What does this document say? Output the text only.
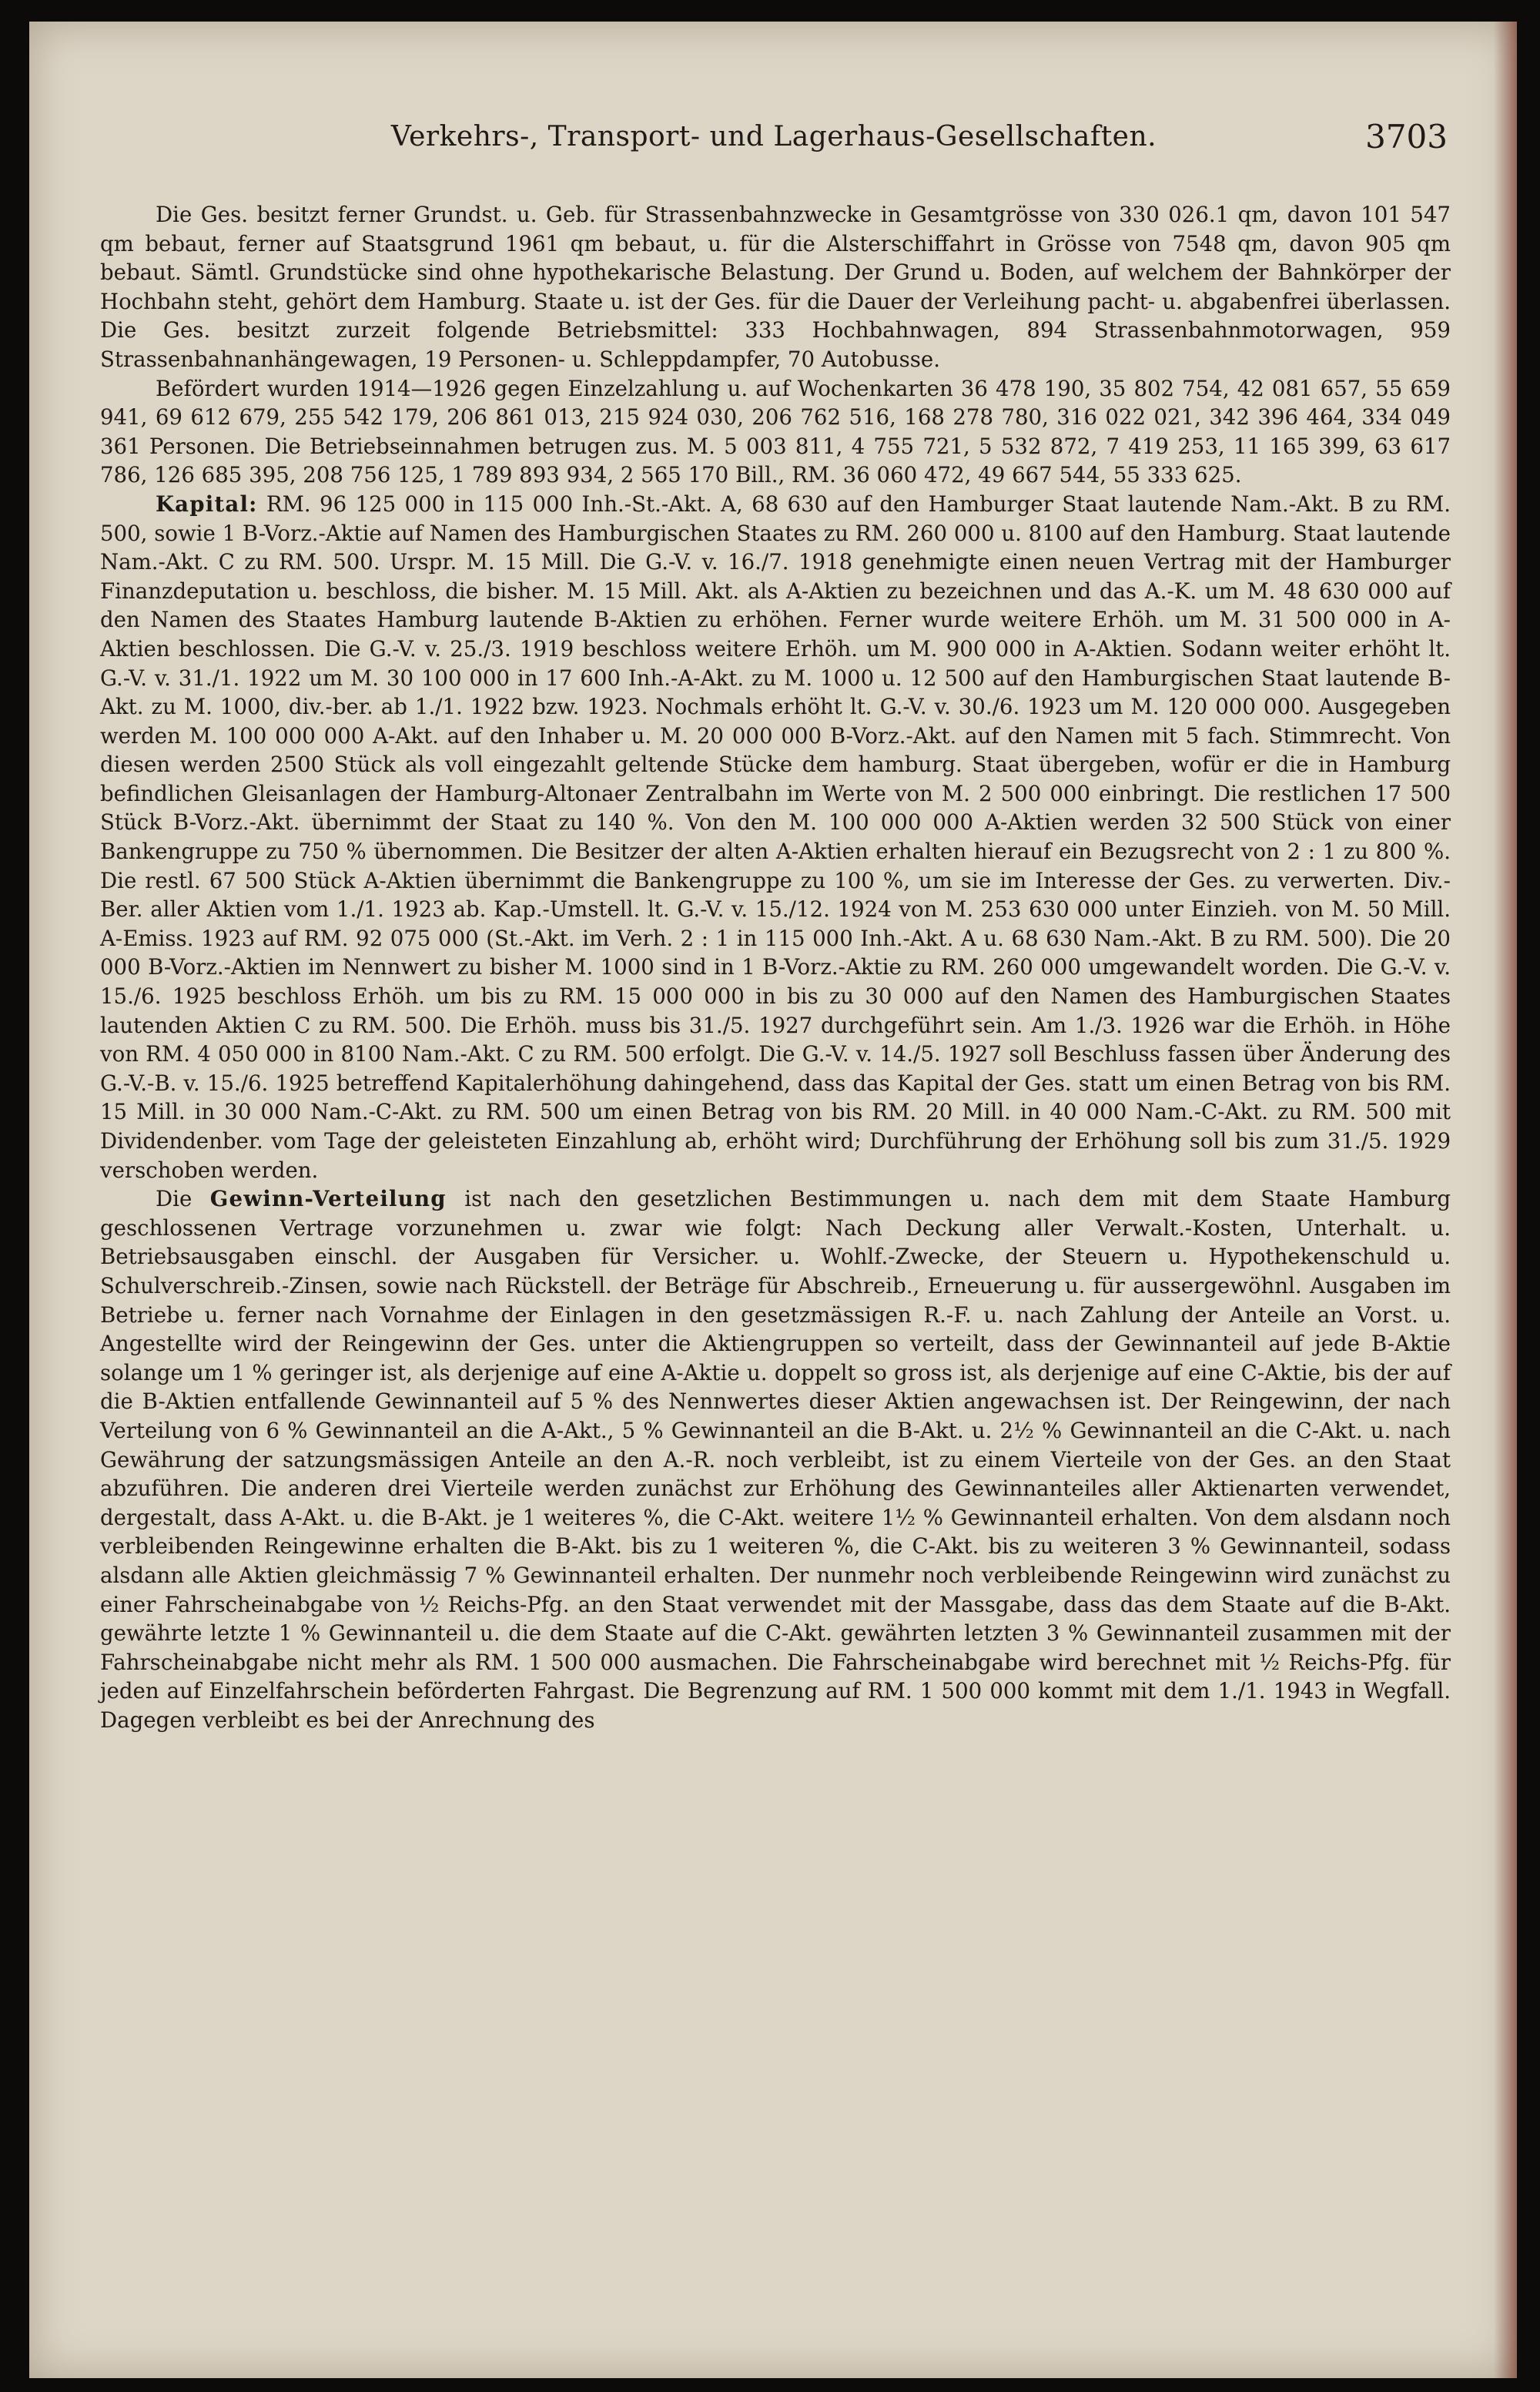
Verkehrs-, Transport- und Lagerhaus-Gesellschaften.	3703

Die Ges. besitzt ferner Grundst. u. Geb. für Strassenbahnzwecke in Gesamtgrösse von 330 026.1 qm, davon 101 547 qm bebaut, ferner auf Staatsgrund 1961 qm bebaut, u. für die Alsterschiffahrt in Grösse von 7548 qm, davon 905 qm bebaut. Sämtl. Grundstücke sind ohne hypothekarische Belastung. Der Grund u. Boden, auf welchem der Bahnkörper der Hochbahn steht, gehört dem Hamburg. Staate u. ist der Ges. für die Dauer der Verleihung pacht- u. abgabenfrei überlassen. Die Ges. besitzt zurzeit folgende Betriebsmittel: 333 Hochbahnwagen, 894 Strassenbahnmotorwagen, 959 Strassenbahnanhängewagen, 19 Personen- u. Schleppdampfer, 70 Autobusse.

Befördert wurden 1914—1926 gegen Einzelzahlung u. auf Wochenkarten 36 478 190, 35 802 754, 42 081 657, 55 659 941, 69 612 679, 255 542 179, 206 861 013, 215 924 030, 206 762 516, 168 278 780, 316 022 021, 342 396 464, 334 049 361 Personen. Die Betriebseinnahmen betrugen zus. M. 5 003 811, 4 755 721, 5 532 872, 7 419 253, 11 165 399, 63 617 786, 126 685 395, 208 756 125, 1 789 893 934, 2 565 170 Bill., RM. 36 060 472, 49 667 544, 55 333 625.

Kapital: RM. 96 125 000 in 115 000 Inh.-St.-Akt. A, 68 630 auf den Hamburger Staat lautende Nam.-Akt. B zu RM. 500, sowie 1 B-Vorz.-Aktie auf Namen des Hamburgischen Staates zu RM. 260 000 u. 8100 auf den Hamburg. Staat lautende Nam.-Akt. C zu RM. 500. Urspr. M. 15 Mill. Die G.-V. v. 16./7. 1918 genehmigte einen neuen Vertrag mit der Hamburger Finanzdeputation u. beschloss, die bisher. M. 15 Mill. Akt. als A-Aktien zu bezeichnen und das A.-K. um M. 48 630 000 auf den Namen des Staates Hamburg lautende B-Aktien zu erhöhen. Ferner wurde weitere Erhöh. um M. 31 500 000 in A-Aktien beschlossen. Die G.-V. v. 25./3. 1919 beschloss weitere Erhöh. um M. 900 000 in A-Aktien. Sodann weiter erhöht lt. G.-V. v. 31./1. 1922 um M. 30 100 000 in 17 600 Inh.-A-Akt. zu M. 1000 u. 12 500 auf den Hamburgischen Staat lautende B-Akt. zu M. 1000, div.-ber. ab 1./1. 1922 bzw. 1923. Nochmals erhöht lt. G.-V. v. 30./6. 1923 um M. 120 000 000. Ausgegeben werden M. 100 000 000 A-Akt. auf den Inhaber u. M. 20 000 000 B-Vorz.-Akt. auf den Namen mit 5 fach. Stimmrecht. Von diesen werden 2500 Stück als voll eingezahlt geltende Stücke dem hamburg. Staat übergeben, wofür er die in Hamburg befindlichen Gleisanlagen der Hamburg-Altonaer Zentralbahn im Werte von M. 2 500 000 einbringt. Die restlichen 17 500 Stück B-Vorz.-Akt. übernimmt der Staat zu 140 %. Von den M. 100 000 000 A-Aktien werden 32 500 Stück von einer Bankengruppe zu 750 % übernommen. Die Besitzer der alten A-Aktien erhalten hierauf ein Bezugsrecht von 2 : 1 zu 800 %. Die restl. 67 500 Stück A-Aktien übernimmt die Bankengruppe zu 100 %, um sie im Interesse der Ges. zu verwerten. Div.-Ber. aller Aktien vom 1./1. 1923 ab. Kap.-Umstell. lt. G.-V. v. 15./12. 1924 von M. 253 630 000 unter Einzieh. von M. 50 Mill. A-Emiss. 1923 auf RM. 92 075 000 (St.-Akt. im Verh. 2 : 1 in 115 000 Inh.-Akt. A u. 68 630 Nam.-Akt. B zu RM. 500). Die 20 000 B-Vorz.-Aktien im Nennwert zu bisher M. 1000 sind in 1 B-Vorz.-Aktie zu RM. 260 000 umgewandelt worden. Die G.-V. v. 15./6. 1925 beschloss Erhöh. um bis zu RM. 15 000 000 in bis zu 30 000 auf den Namen des Hamburgischen Staates lautenden Aktien C zu RM. 500. Die Erhöh. muss bis 31./5. 1927 durchgeführt sein. Am 1./3. 1926 war die Erhöh. in Höhe von RM. 4 050 000 in 8100 Nam.-Akt. C zu RM. 500 erfolgt. Die G.-V. v. 14./5. 1927 soll Beschluss fassen über Änderung des G.-V.-B. v. 15./6. 1925 betreffend Kapitalerhöhung dahingehend, dass das Kapital der Ges. statt um einen Betrag von bis RM. 15 Mill. in 30 000 Nam.-C-Akt. zu RM. 500 um einen Betrag von bis RM. 20 Mill. in 40 000 Nam.-C-Akt. zu RM. 500 mit Dividendenber. vom Tage der geleisteten Einzahlung ab, erhöht wird; Durchführung der Erhöhung soll bis zum 31./5. 1929 verschoben werden.

Die Gewinn-Verteilung ist nach den gesetzlichen Bestimmungen u. nach dem mit dem Staate Hamburg geschlossenen Vertrage vorzunehmen u. zwar wie folgt: Nach Deckung aller Verwalt.-Kosten, Unterhalt. u. Betriebsausgaben einschl. der Ausgaben für Versicher. u. Wohlf.-Zwecke, der Steuern u. Hypothekenschuld u. Schulverschreib.-Zinsen, sowie nach Rückstell. der Beträge für Abschreib., Erneuerung u. für aussergewöhnl. Ausgaben im Betriebe u. ferner nach Vornahme der Einlagen in den gesetzmässigen R.-F. u. nach Zahlung der Anteile an Vorst. u. Angestellte wird der Reingewinn der Ges. unter die Aktiengruppen so verteilt, dass der Gewinnanteil auf jede B-Aktie solange um 1 % geringer ist, als derjenige auf eine A-Aktie u. doppelt so gross ist, als derjenige auf eine C-Aktie, bis der auf die B-Aktien entfallende Gewinnanteil auf 5 % des Nennwertes dieser Aktien angewachsen ist. Der Reingewinn, der nach Verteilung von 6 % Gewinnanteil an die A-Akt., 5 % Gewinnanteil an die B-Akt. u. 2½ % Gewinnanteil an die C-Akt. u. nach Gewährung der satzungsmässigen Anteile an den A.-R. noch verbleibt, ist zu einem Vierteile von der Ges. an den Staat abzuführen. Die anderen drei Vierteile werden zunächst zur Erhöhung des Gewinnanteiles aller Aktienarten verwendet, dergestalt, dass A-Akt. u. die B-Akt. je 1 weiteres %, die C-Akt. weitere 1½ % Gewinnanteil erhalten. Von dem alsdann noch verbleibenden Reingewinne erhalten die B-Akt. bis zu 1 weiteren %, die C-Akt. bis zu weiteren 3 % Gewinnanteil, sodass alsdann alle Aktien gleichmässig 7 % Gewinnanteil erhalten. Der nunmehr noch verbleibende Reingewinn wird zunächst zu einer Fahrscheinabgabe von ½ Reichs-Pfg. an den Staat verwendet mit der Massgabe, dass das dem Staate auf die B-Akt. gewährte letzte 1 % Gewinnanteil u. die dem Staate auf die C-Akt. gewährten letzten 3 % Gewinnanteil zusammen mit der Fahrscheinabgabe nicht mehr als RM. 1 500 000 ausmachen. Die Fahrscheinabgabe wird berechnet mit ½ Reichs-Pfg. für jeden auf Einzelfahrschein beförderten Fahrgast. Die Begrenzung auf RM. 1 500 000 kommt mit dem 1./1. 1943 in Wegfall. Dagegen verbleibt es bei der Anrechnung des
